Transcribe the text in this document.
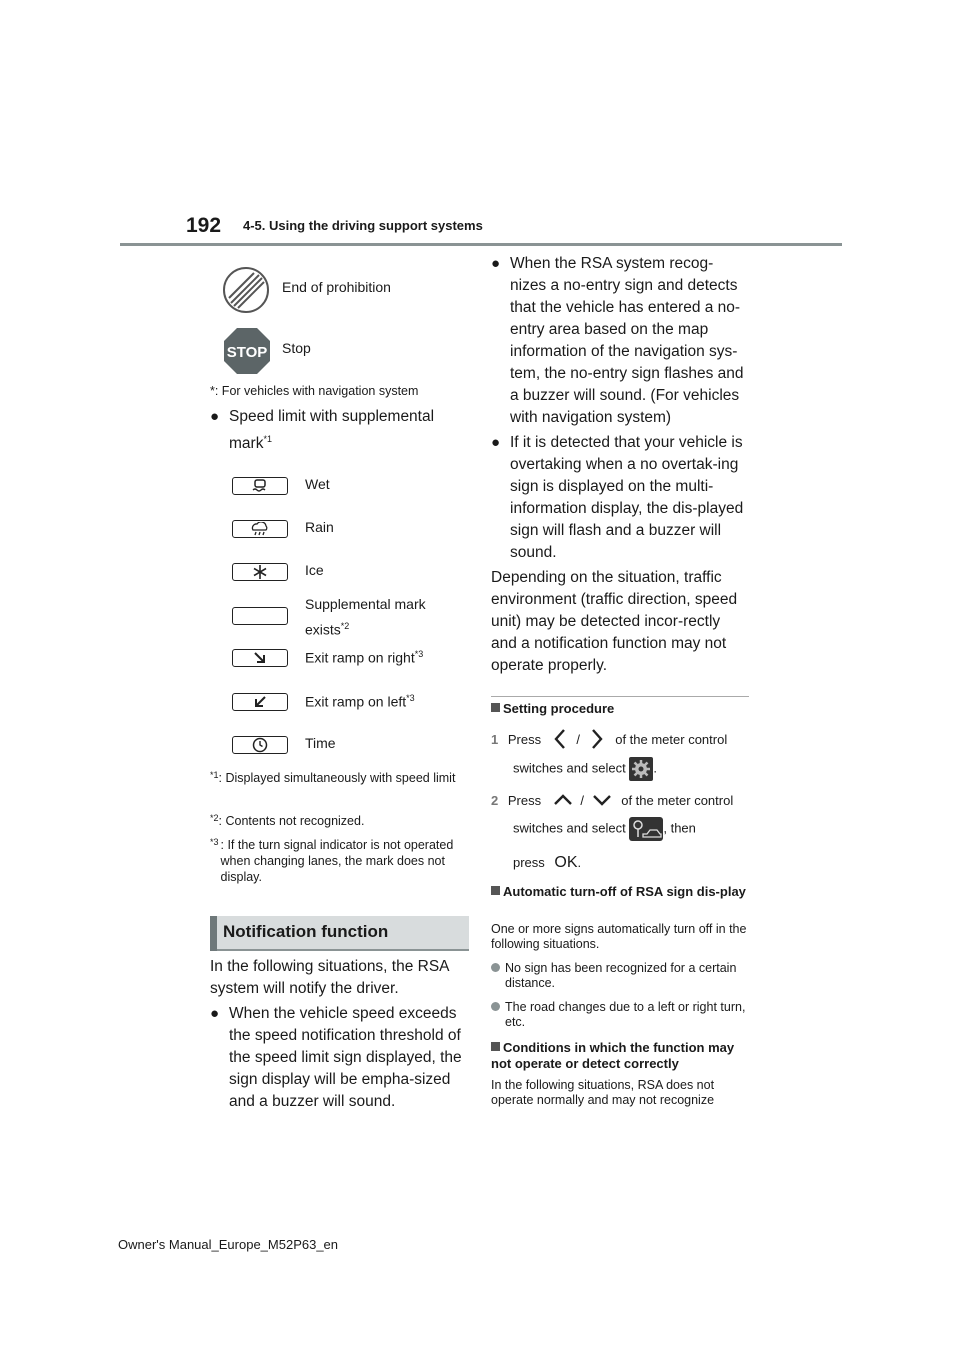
192 4-5. Using the driving support systems
End of prohibition
STOP Stop
*: For vehicles with navigation system
● Speed limit with supplemental mark$^{*1}$
Wet
Rain
Ice
Supplemental mark exists$^{*2}$
Exit ramp on right$^{*3}$
Exit ramp on left$^{*3}$
Time
*1 : Displayed simultaneously with speed limit
*2 : Contents not recognized.
*3 : If the turn signal indicator is not operated when changing lanes, the mark does not display.
Notification function
In the following situations, the RSA system will notify the driver.
● When the vehicle speed exceeds the speed notification threshold of the speed limit sign displayed, the sign display will be empha-sized and a buzzer will sound.
● When the RSA system recog-nizes a no-entry sign and detects that the vehicle has entered a no-entry area based on the map information of the navigation sys-tem, the no-entry sign flashes and a buzzer will sound. (For vehicles with navigation system)
● If it is detected that your vehicle is overtaking when a no overtak-ing sign is displayed on the multi-information display, the dis-played sign will flash and a buzzer will sound.
Depending on the situation, traffic environment (traffic direction, speed unit) may be detected incor-rectly and a notification function may not operate properly.
Setting procedure
1 Press	/	of the meter control
switches and select .
2 Press	/	of the meter control
switches and select	, then
press OK.
Automatic turn-off of RSA sign dis-play
One or more signs automatically turn off in the following situations.
No sign has been recognized for a certain distance.
The road changes due to a left or right turn, etc.
Conditions in which the function may not operate or detect correctly
In the following situations, RSA does not operate normally and may not recognize
Owner's Manual_Europe_M52P63_en
